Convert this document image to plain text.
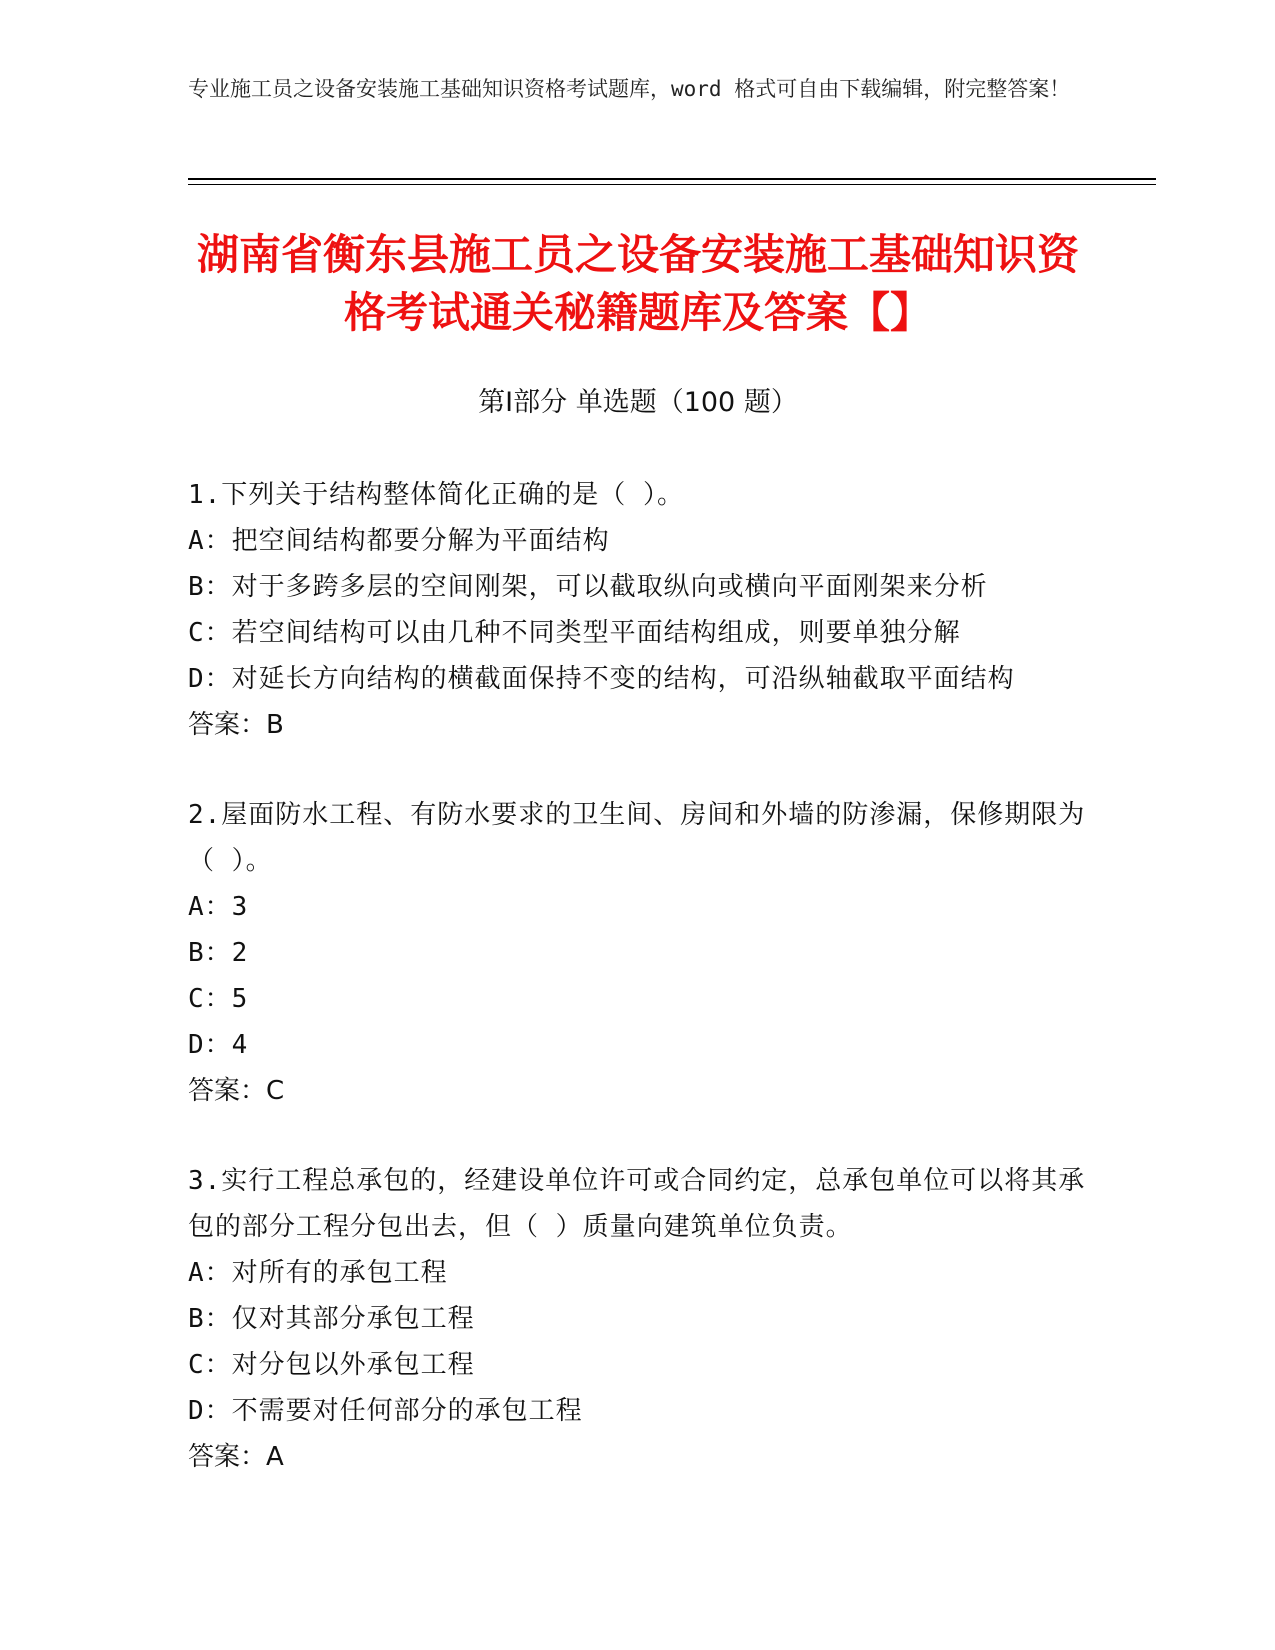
专业施工员之设备安装施工基础知识资格考试题库，word 格式可自由下载编辑，附完整答案！
湖南省衡东县施工员之设备安装施工基础知识资格考试通关秘籍题库及答案【】
第Ⅰ部分 单选题（100 题）
1.下列关于结构整体简化正确的是（ ）。
A：把空间结构都要分解为平面结构
B：对于多跨多层的空间刚架，可以截取纵向或横向平面刚架来分析
C：若空间结构可以由几种不同类型平面结构组成，则要单独分解
D：对延长方向结构的横截面保持不变的结构，可沿纵轴截取平面结构
答案：B
2.屋面防水工程、有防水要求的卫生间、房间和外墙的防渗漏，保修期限为（ ）。
A：3
B：2
C：5
D：4
答案：C
3.实行工程总承包的，经建设单位许可或合同约定，总承包单位可以将其承包的部分工程分包出去，但（ ）质量向建筑单位负责。
A：对所有的承包工程
B：仅对其部分承包工程
C：对分包以外承包工程
D：不需要对任何部分的承包工程
答案：A
